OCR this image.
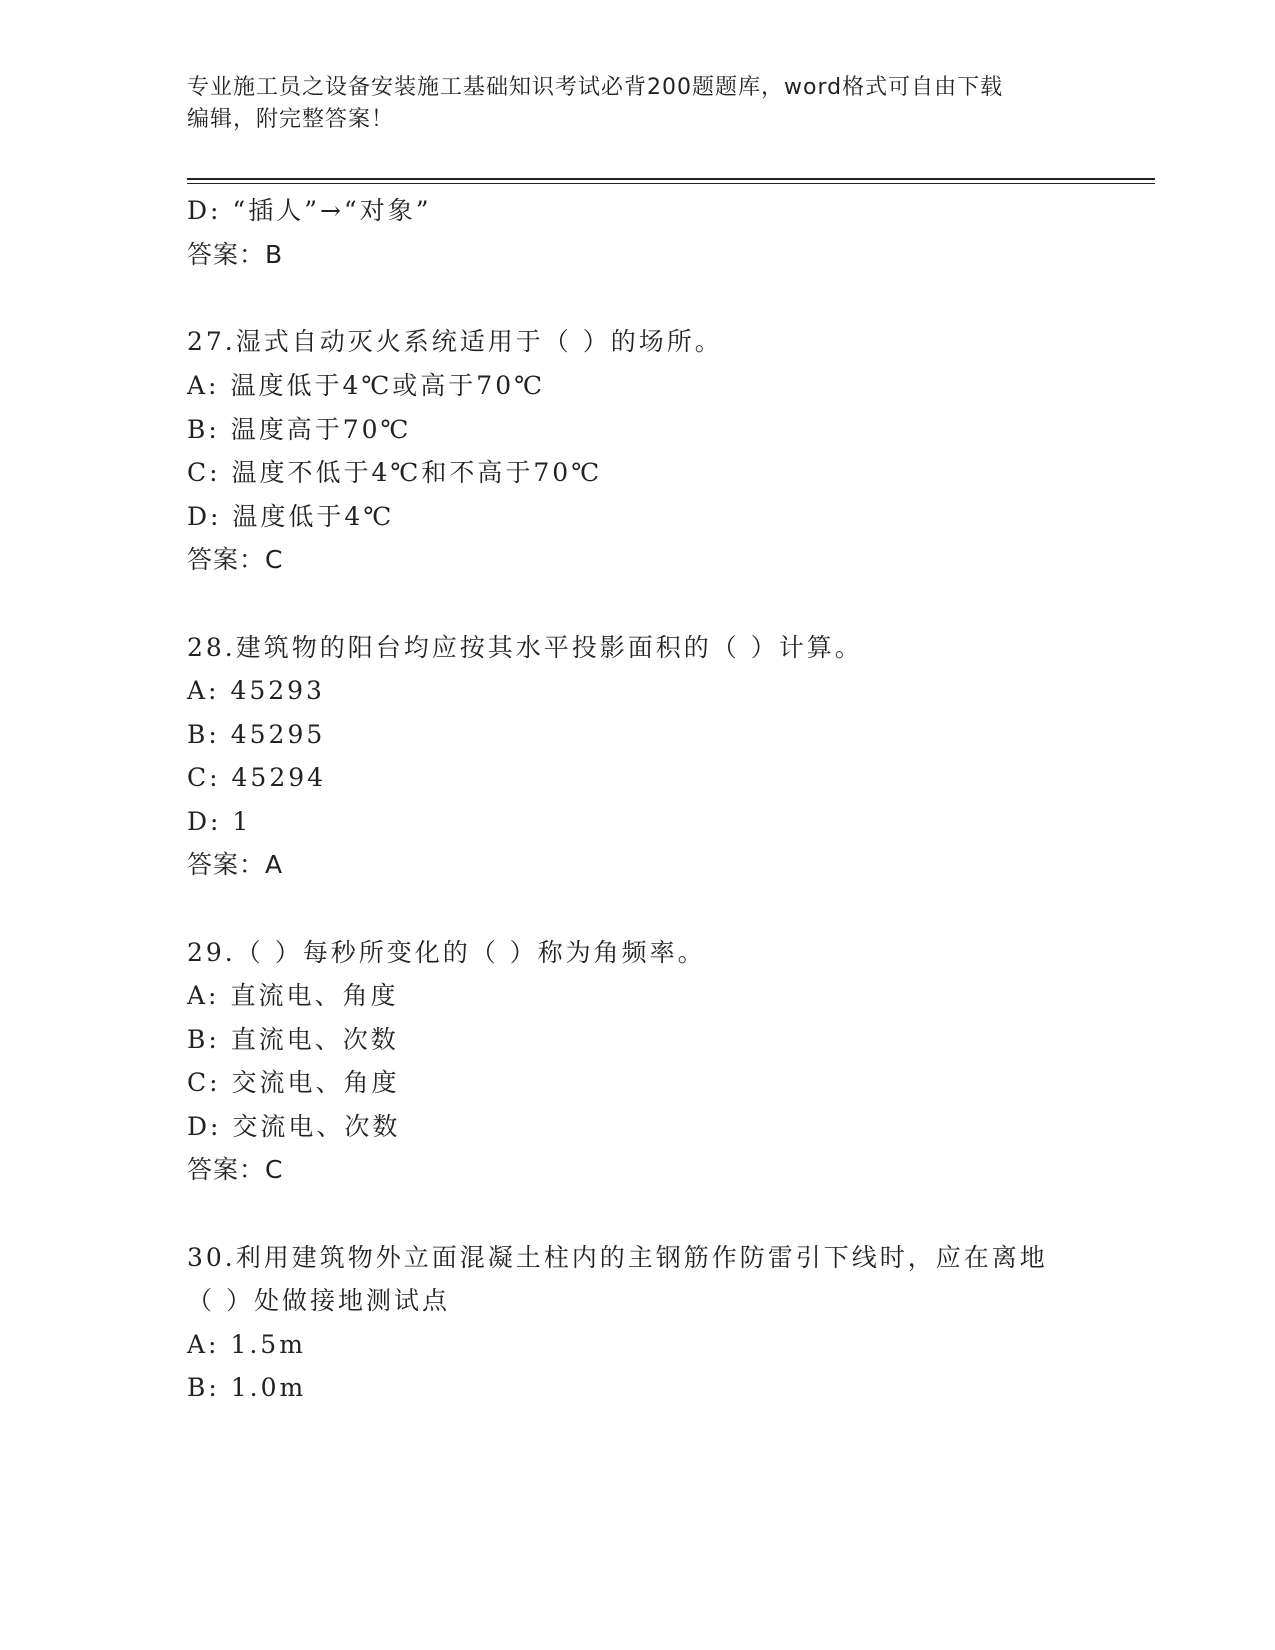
专业施工员之设备安装施工基础知识考试必背200题题库，word格式可自由下载
编辑，附完整答案！
D: “插人”→“对象”
答案：B
27.湿式自动灭火系统适用于（ ）的场所。
A: 温度低于4℃或高于70℃
B: 温度高于70℃
C: 温度不低于4℃和不高于70℃
D: 温度低于4℃
答案：C
28.建筑物的阳台均应按其水平投影面积的（ ）计算。
A: 45293
B: 45295
C: 45294
D: 1
答案：A
29.（ ）每秒所变化的（ ）称为角频率。
A: 直流电、角度
B: 直流电、次数
C: 交流电、角度
D: 交流电、次数
答案：C
30.利用建筑物外立面混凝土柱内的主钢筋作防雷引下线时，应在离地
（ ）处做接地测试点
A: 1.5m
B: 1.0m
